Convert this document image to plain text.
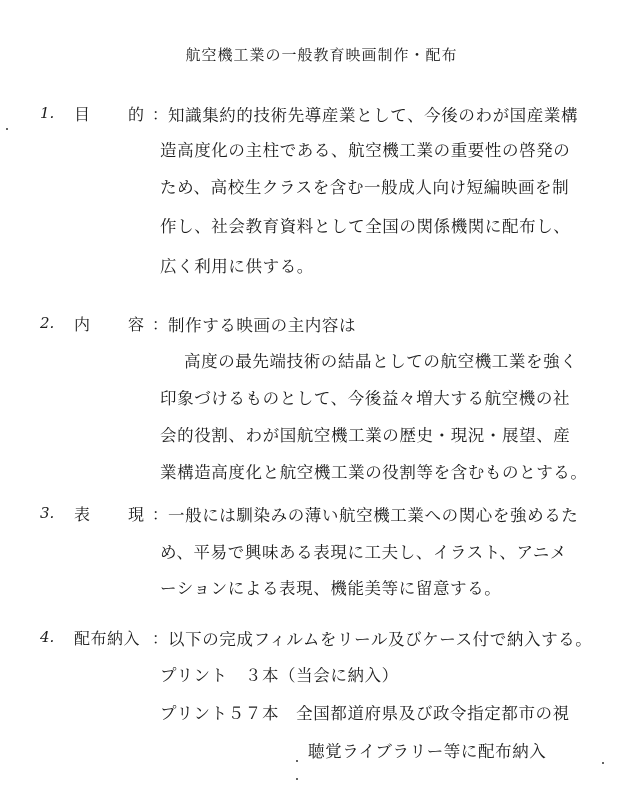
航空機工業の一般教育映画制作・配布
1. 目 的 ： 知識集約的技術先導産業として、今後のわが国産業構
造高度化の主柱である、航空機工業の重要性の啓発の
ため、高校生クラスを含む一般成人向け短編映画を制
作し、社会教育資料として全国の関係機関に配布し、
広く利用に供する。
2. 内 容 ： 制作する映画の主内容は
高度の最先端技術の結晶としての航空機工業を強く
印象づけるものとして、今後益々増大する航空機の社
会的役割、わが国航空機工業の歴史・現況・展望、産
業構造高度化と航空機工業の役割等を含むものとする。
3. 表 現 ： 一般には馴染みの薄い航空機工業への関心を強めるた
め、平易で興味ある表現に工夫し、イラスト、アニメ
ーションによる表現、機能美等に留意する。
4. 配布納入 ： 以下の完成フィルムをリール及びケース付で納入する。
プリント　３本（当会に納入）
プリント５７本　全国都道府県及び政令指定都市の視
聴覚ライブラリー等に配布納入
